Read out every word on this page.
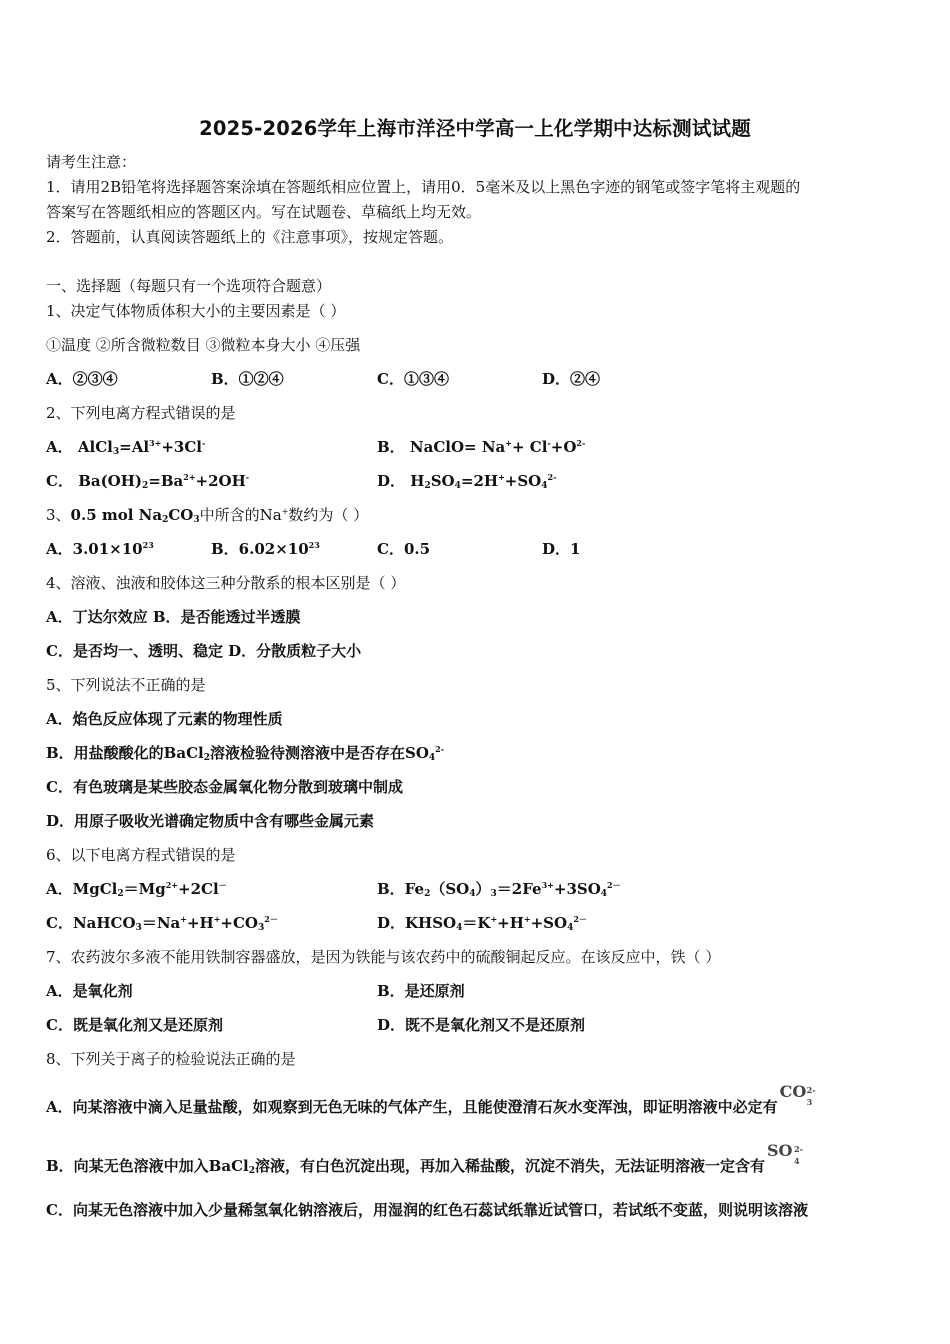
2025-2026学年上海市洋泾中学高一上化学期中达标测试试题
请考生注意：
1．请用2B铅笔将选择题答案涂填在答题纸相应位置上，请用0．5毫米及以上黑色字迹的钢笔或签字笔将主观题的
答案写在答题纸相应的答题区内。写在试题卷、草稿纸上均无效。
2．答题前，认真阅读答题纸上的《注意事项》，按规定答题。
一、选择题（每题只有一个选项符合题意）
1、决定气体物质体积大小的主要因素是（ ）
①温度 ②所含微粒数目 ③微粒本身大小 ④压强
A．②③④	B．①②④	C．①③④	D．②④
2、下列电离方程式错误的是
A． $AlCl_3=Al^{3+}+3Cl^-$	B． NaClO= $Na^++ Cl^-+O^{2-}$
C． $Ba(OH)_2=Ba^{2+}+2OH^-$	D． $H_2SO_4=2H^++SO_4^{2-}$
3、0.5 mol $Na_2CO_3$中所含的Na+数约为（ ）
A．$3.01\times 10^{23}$	B．$6.02\times 10^{23}$	C．0.5	D．1
4、溶液、浊液和胶体这三种分散系的根本区别是（ ）
A．丁达尔效应 B．是否能透过半透膜
C．是否均一、透明、稳定 D．分散质粒子大小
5、下列说法不正确的是
A．焰色反应体现了元素的物理性质
B．用盐酸酸化的BaCl$_2$溶液检验待测溶液中是否存在$SO_4^{2-}$
C．有色玻璃是某些胶态金属氧化物分散到玻璃中制成
D．用原子吸收光谱确定物质中含有哪些金属元素
6、以下电离方程式错误的是
A．$MgCl_2=Mg^{2+}+2Cl^-$	B．$Fe_2(SO_4)_3=2Fe^{3+}+3SO_4^{2-}$
C．$NaHCO_3=Na^++H^++CO_3^{2-}$	D．$KHSO_4=K^++H^++SO_4^{2-}$
7、农药波尔多液不能用铁制容器盛放，是因为铁能与该农药中的硫酸铜起反应。在该反应中，铁（ ）
A．是氧化剂	B．是还原剂
C．既是氧化剂又是还原剂	D．既不是氧化剂又不是还原剂
8、下列关于离子的检验说法正确的是
A．向某溶液中滴入足量盐酸，如观察到无色无味的气体产生，且能使澄清石灰水变浑浊，即证明溶液中必定有
CO 2-
3
B．向某无色溶液中加入BaCl$_2$溶液，有白色沉淀出现，再加入稀盐酸，沉淀不消失，无法证明溶液一定含有
SO 2-
4
C．向某无色溶液中加入少量稀氢氧化钠溶液后，用湿润的红色石蕊试纸靠近试管口，若试纸不变蓝，则说明该溶液
